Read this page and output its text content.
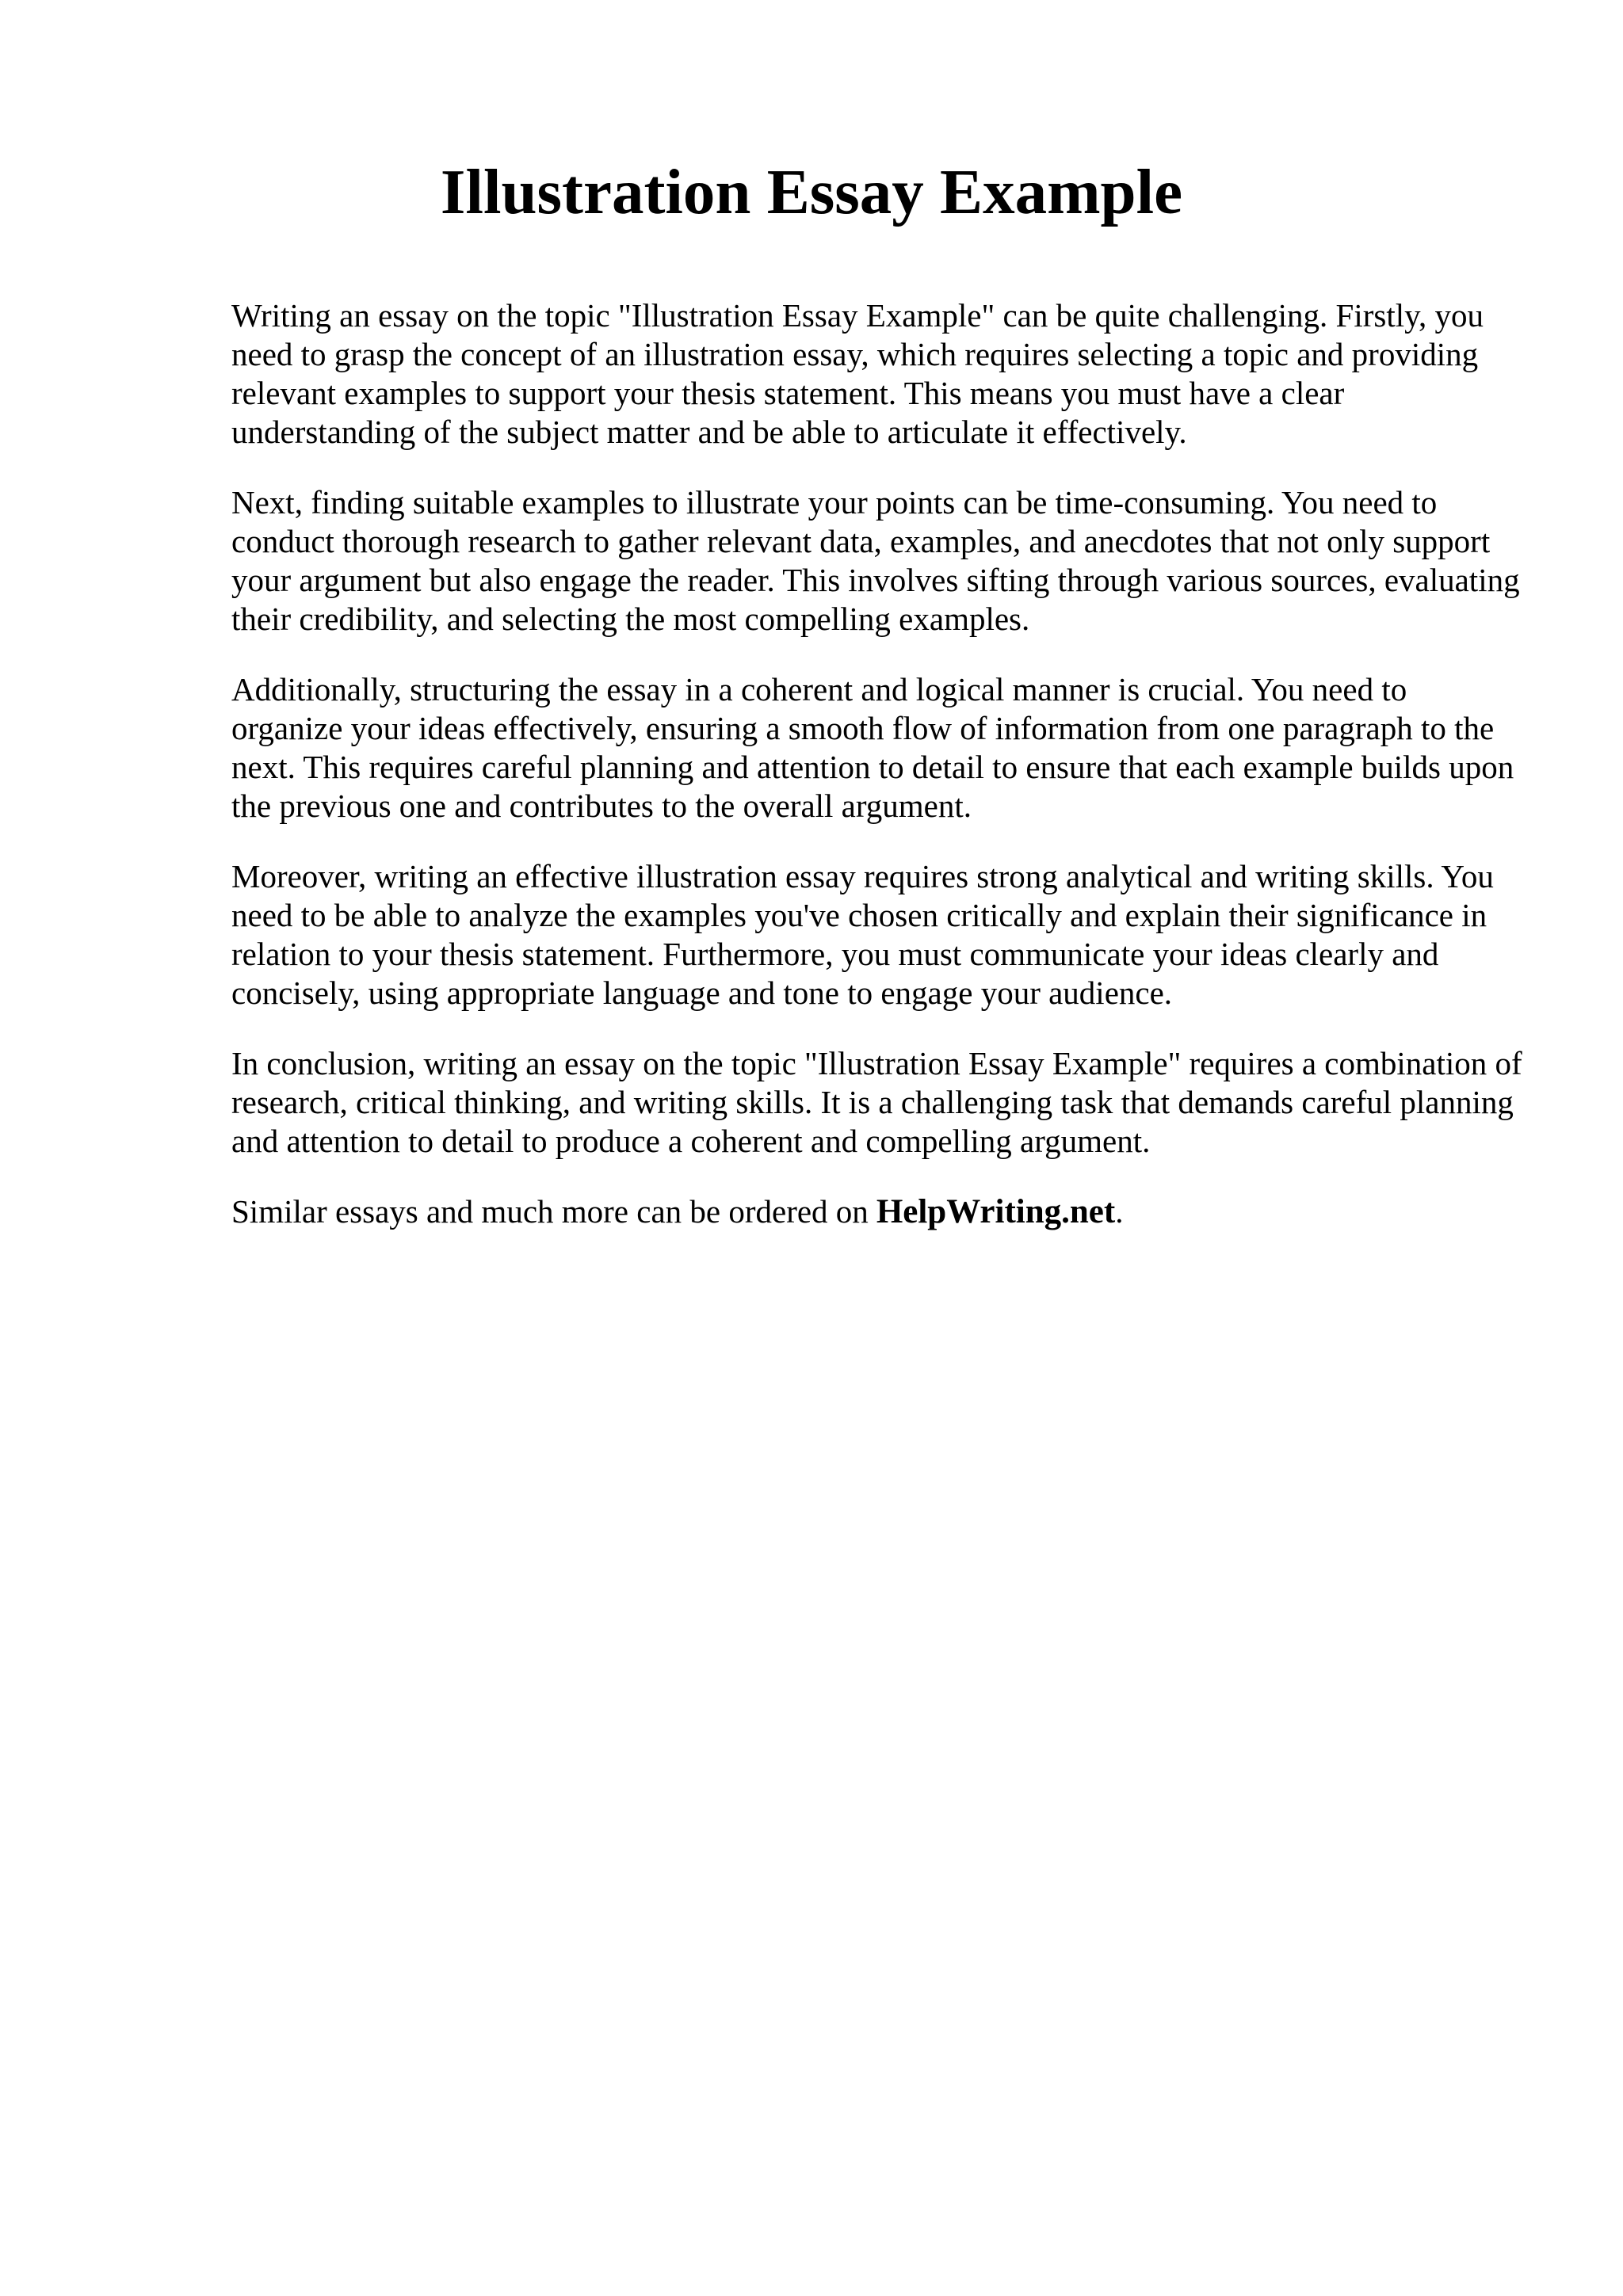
Illustration Essay Example

Writing an essay on the topic "Illustration Essay Example" can be quite challenging. Firstly, you need to grasp the concept of an illustration essay, which requires selecting a topic and providing relevant examples to support your thesis statement. This means you must have a clear understanding of the subject matter and be able to articulate it effectively.

Next, finding suitable examples to illustrate your points can be time-consuming. You need to conduct thorough research to gather relevant data, examples, and anecdotes that not only support your argument but also engage the reader. This involves sifting through various sources, evaluating their credibility, and selecting the most compelling examples.

Additionally, structuring the essay in a coherent and logical manner is crucial. You need to organize your ideas effectively, ensuring a smooth flow of information from one paragraph to the next. This requires careful planning and attention to detail to ensure that each example builds upon the previous one and contributes to the overall argument.

Moreover, writing an effective illustration essay requires strong analytical and writing skills. You need to be able to analyze the examples you've chosen critically and explain their significance in relation to your thesis statement. Furthermore, you must communicate your ideas clearly and concisely, using appropriate language and tone to engage your audience.

In conclusion, writing an essay on the topic "Illustration Essay Example" requires a combination of research, critical thinking, and writing skills. It is a challenging task that demands careful planning and attention to detail to produce a coherent and compelling argument.

Similar essays and much more can be ordered on HelpWriting.net.
